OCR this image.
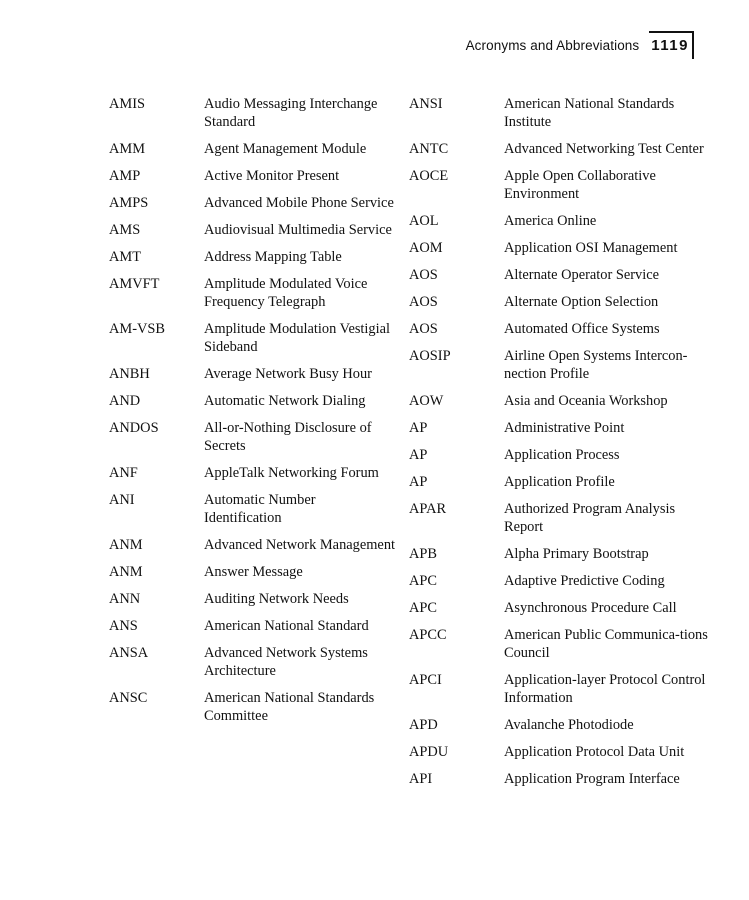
Acronyms and Abbreviations 1119
AMIS	Audio Messaging Interchange Standard
AMM	Agent Management Module
AMP	Active Monitor Present
AMPS	Advanced Mobile Phone Service
AMS	Audiovisual Multimedia Service
AMT	Address Mapping Table
AMVFT	Amplitude Modulated Voice Frequency Telegraph
AM-VSB	Amplitude Modulation Vestigial Sideband
ANBH	Average Network Busy Hour
AND	Automatic Network Dialing
ANDOS	All-or-Nothing Disclosure of Secrets
ANF	AppleTalk Networking Forum
ANI	Automatic Number Identification
ANM	Advanced Network Management
ANM	Answer Message
ANN	Auditing Network Needs
ANS	American National Standard
ANSA	Advanced Network Systems Architecture
ANSC	American National Standards Committee
ANSI	American National Standards Institute
ANTC	Advanced Networking Test Center
AOCE	Apple Open Collaborative Environment
AOL	America Online
AOM	Application OSI Management
AOS	Alternate Operator Service
AOS	Alternate Option Selection
AOS	Automated Office Systems
AOSIP	Airline Open Systems Intercon-nection Profile
AOW	Asia and Oceania Workshop
AP	Administrative Point
AP	Application Process
AP	Application Profile
APAR	Authorized Program Analysis Report
APB	Alpha Primary Bootstrap
APC	Adaptive Predictive Coding
APC	Asynchronous Procedure Call
APCC	American Public Communica-tions Council
APCI	Application-layer Protocol Control Information
APD	Avalanche Photodiode
APDU	Application Protocol Data Unit
API	Application Program Interface
